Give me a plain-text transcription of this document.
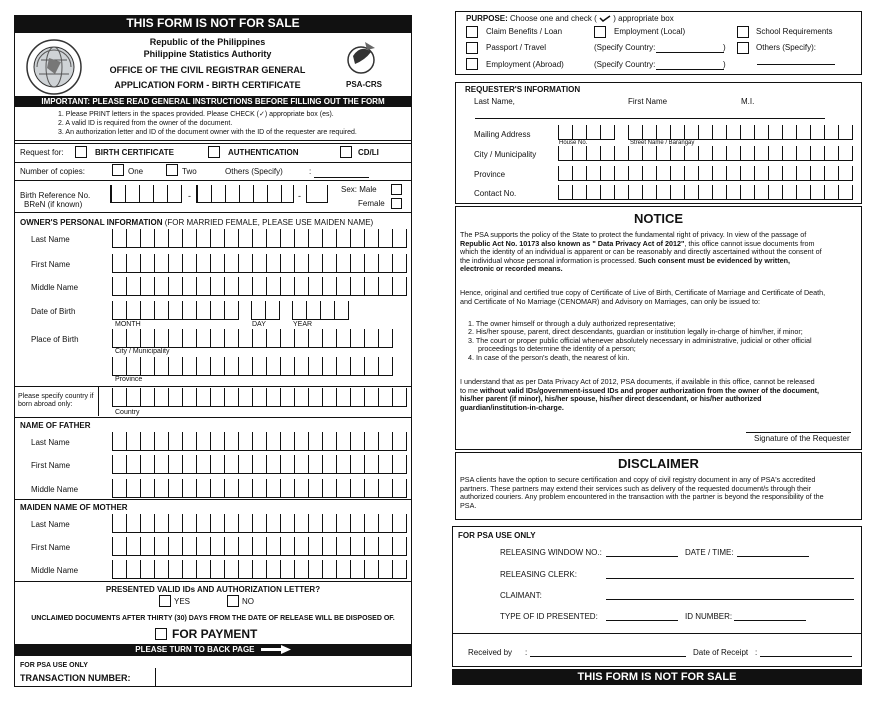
THIS FORM IS NOT FOR SALE
Republic of the Philippines
Philippine Statistics Authority
OFFICE OF THE CIVIL REGISTRAR GENERAL
APPLICATION FORM - BIRTH CERTIFICATE	PSA-CRS
IMPORTANT: PLEASE READ GENERAL INSTRUCTIONS BEFORE FILLING OUT THE FORM
1. Please PRINT letters in the spaces provided. Please CHECK (✓) appropriate box (es).
2. A valid ID is required from the owner of the document.
3. An authorization letter and ID of the document owner with the ID of the requester are required.
Request for:	BIRTH CERTIFICATE	AUTHENTICATION	CD/LI
Number of copies:	One	Two	Others (Specify)	:
Birth Reference No.
BReN (if known)
-	-
Sex: Male
Female
OWNER'S PERSONAL INFORMATION (FOR MARRIED FEMALE, PLEASE USE MAIDEN NAME)
Last Name
First Name
Middle Name
Date of Birth
MONTH	DAY	YEAR
Place of Birth
City / Municipality
Province
Please specify country if
born abroad only:
Country
NAME OF FATHER
Last Name
First Name
Middle Name
MAIDEN NAME OF MOTHER
Last Name
First Name
Middle Name
PRESENTED VALID IDs AND AUTHORIZATION LETTER?
YES	NO
UNCLAIMED DOCUMENTS AFTER THIRTY (30) DAYS FROM THE DATE OF RELEASE WILL BE DISPOSED OF.
FOR PAYMENT
PLEASE TURN TO BACK PAGE
FOR PSA USE ONLY
TRANSACTION NUMBER:
PURPOSE: Choose one and check ( ) appropriate box
Claim Benefits / Loan	Employment (Local)	School Requirements
Passport / Travel	(Specify Country:	)	Others (Specify):
Employment (Abroad)	(Specify Country:	)
REQUESTER'S INFORMATION
Last Name,	First Name	M.I.
Mailing Address
House No.	Street Name / Barangay
City / Municipality
Province
Contact No.
NOTICE
The PSA supports the policy of the State to protect the fundamental right of privacy. In view of the passage of
Republic Act No. 10173 also known as " Data Privacy Act of 2012", this office cannot issue documents from
which the identity of an individual is apparent or can be reasonably and directly ascertained without the consent of
the individual whose personal information is processed. Such consent must be evidenced by written,
electronic or recorded means.
Hence, original and certified true copy of Certificate of Live of Birth, Certificate of Marriage and Certificate of Death,
and Certificate of No Marriage (CENOMAR) and Advisory on Marriages, can only be issued to:
1. The owner himself or through a duly authorized representative;
2. His/her spouse, parent, direct descendants, guardian or institution legally in-charge of him/her, if minor;
3. The court or proper public official whenever absolutely necessary in administrative, judicial or other official
proceedings to determine the identity of a person;
4. In case of the person's death, the nearest of kin.
I understand that as per Data Privacy Act of 2012, PSA documents, if available in this office, cannot be released
to me without valid IDs/government-issued IDs and proper authorization from the owner of the document,
his/her parent (if minor), his/her spouse, his/her direct descendant, or his/her authorized
guardian/institution-in-charge.
Signature of the Requester
DISCLAIMER
PSA clients have the option to secure certification and copy of civil registry document in any of PSA's accredited
partners. These partners may extend their services such as delivery of the requested document/s through their
authorized couriers. Any problem encountered in the transaction with the partner is beyond the responsibility of the
PSA.
FOR PSA USE ONLY
RELEASING WINDOW NO.:	DATE / TIME:
RELEASING CLERK:
CLAIMANT:
TYPE OF ID PRESENTED:	ID NUMBER:
Received by :	Date of Receipt :
THIS FORM IS NOT FOR SALE
